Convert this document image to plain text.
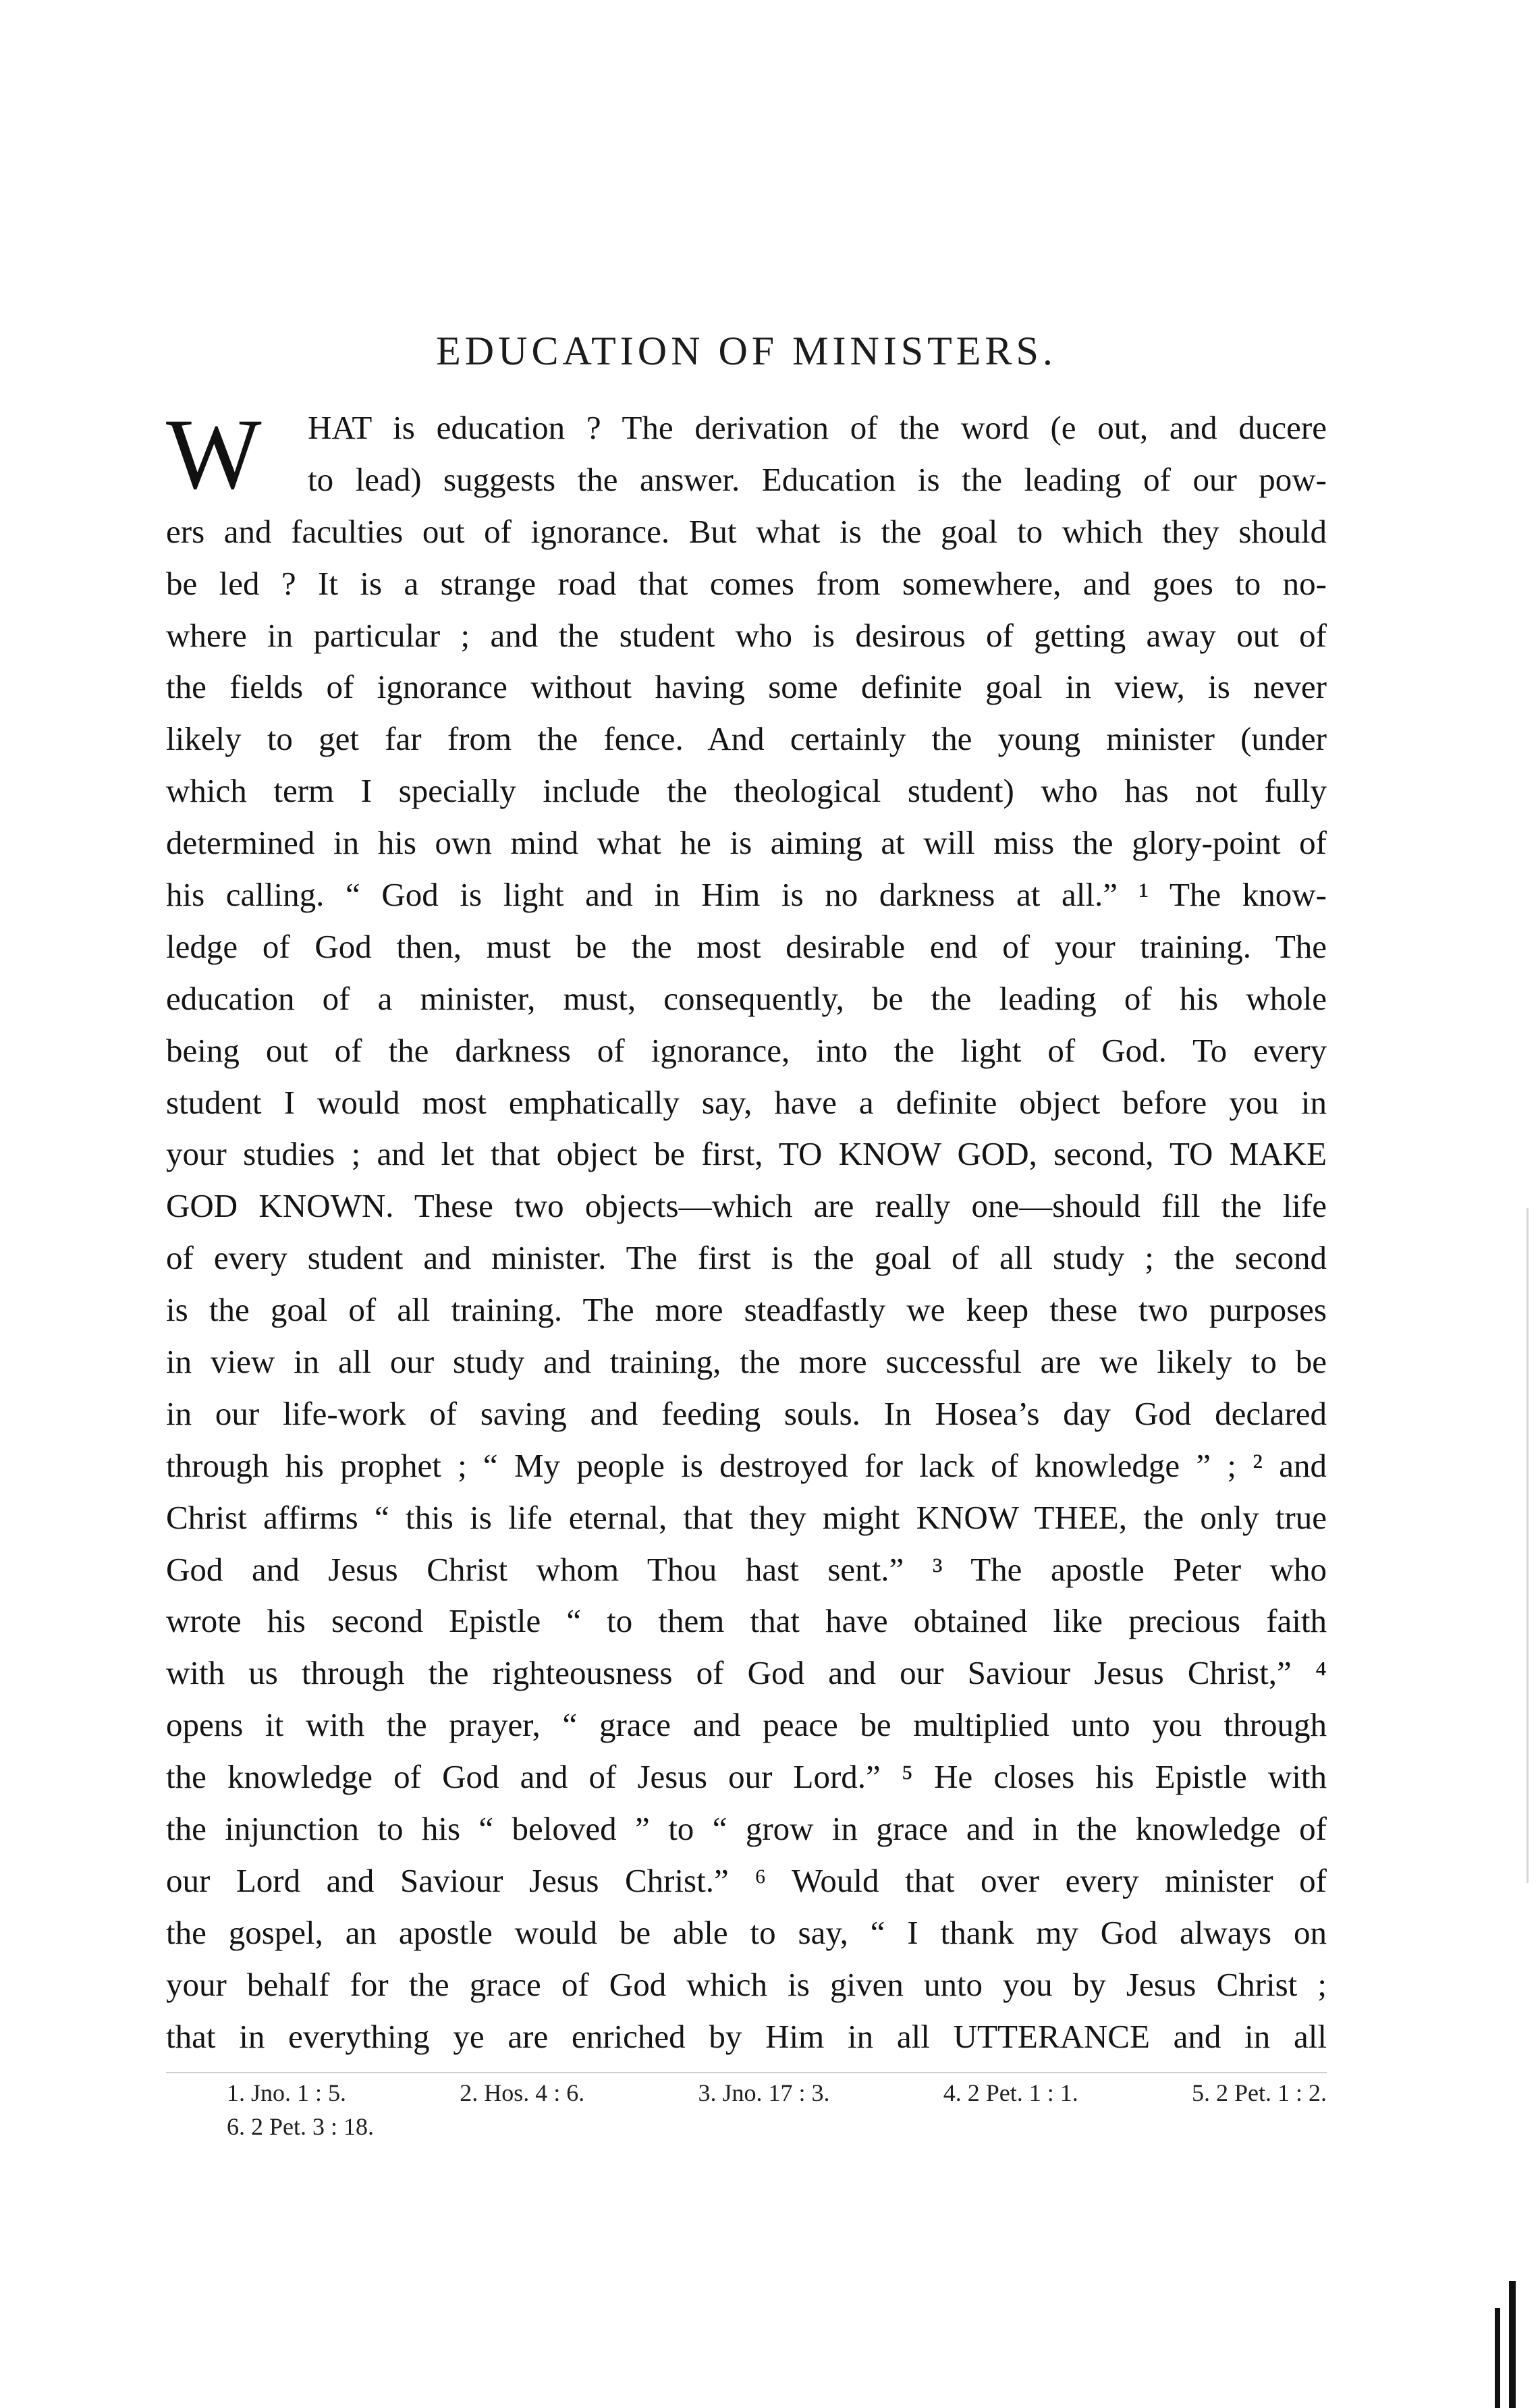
EDUCATION OF MINISTERS.
W	HAT is education ? The derivation of the word (e out, and ducere
to lead) suggests the answer. Education is the leading of our pow-
ers and faculties out of ignorance. But what is the goal to which they should
be led ? It is a strange road that comes from somewhere, and goes to no-
where in particular ; and the student who is desirous of getting away out of
the fields of ignorance without having some definite goal in view, is never
likely to get far from the fence. And certainly the young minister (under
which term I specially include the theological student) who has not fully
determined in his own mind what he is aiming at will miss the glory-point of
his calling. “ God is light and in Him is no darkness at all.” ¹ The know-
ledge of God then, must be the most desirable end of your training. The
education of a minister, must, consequently, be the leading of his whole
being out of the darkness of ignorance, into the light of God. To every
student I would most emphatically say, have a definite object before you in
your studies ; and let that object be first, TO KNOW GOD, second, TO MAKE
GOD KNOWN. These two objects—which are really one—should fill the life
of every student and minister. The first is the goal of all study ; the second
is the goal of all training. The more steadfastly we keep these two purposes
in view in all our study and training, the more successful are we likely to be
in our life-work of saving and feeding souls. In Hosea’s day God declared
through his prophet ; “ My people is destroyed for lack of knowledge ” ; ² and
Christ affirms “ this is life eternal, that they might KNOW THEE, the only true
God and Jesus Christ whom Thou hast sent.” ³ The apostle Peter who
wrote his second Epistle “ to them that have obtained like precious faith
with us through the righteousness of God and our Saviour Jesus Christ,” ⁴
opens it with the prayer, “ grace and peace be multiplied unto you through
the knowledge of God and of Jesus our Lord.” ⁵ He closes his Epistle with
the injunction to his “ beloved ” to “ grow in grace and in the knowledge of
our Lord and Saviour Jesus Christ.” ⁶ Would that over every minister of
the gospel, an apostle would be able to say, “ I thank my God always on
your behalf for the grace of God which is given unto you by Jesus Christ ;
that in everything ye are enriched by Him in all UTTERANCE and in all
1. Jno. 1 : 5.	2. Hos. 4 : 6.	3. Jno. 17 : 3.	4. 2 Pet. 1 : 1.	5. 2 Pet. 1 : 2.
6. 2 Pet. 3 : 18.
